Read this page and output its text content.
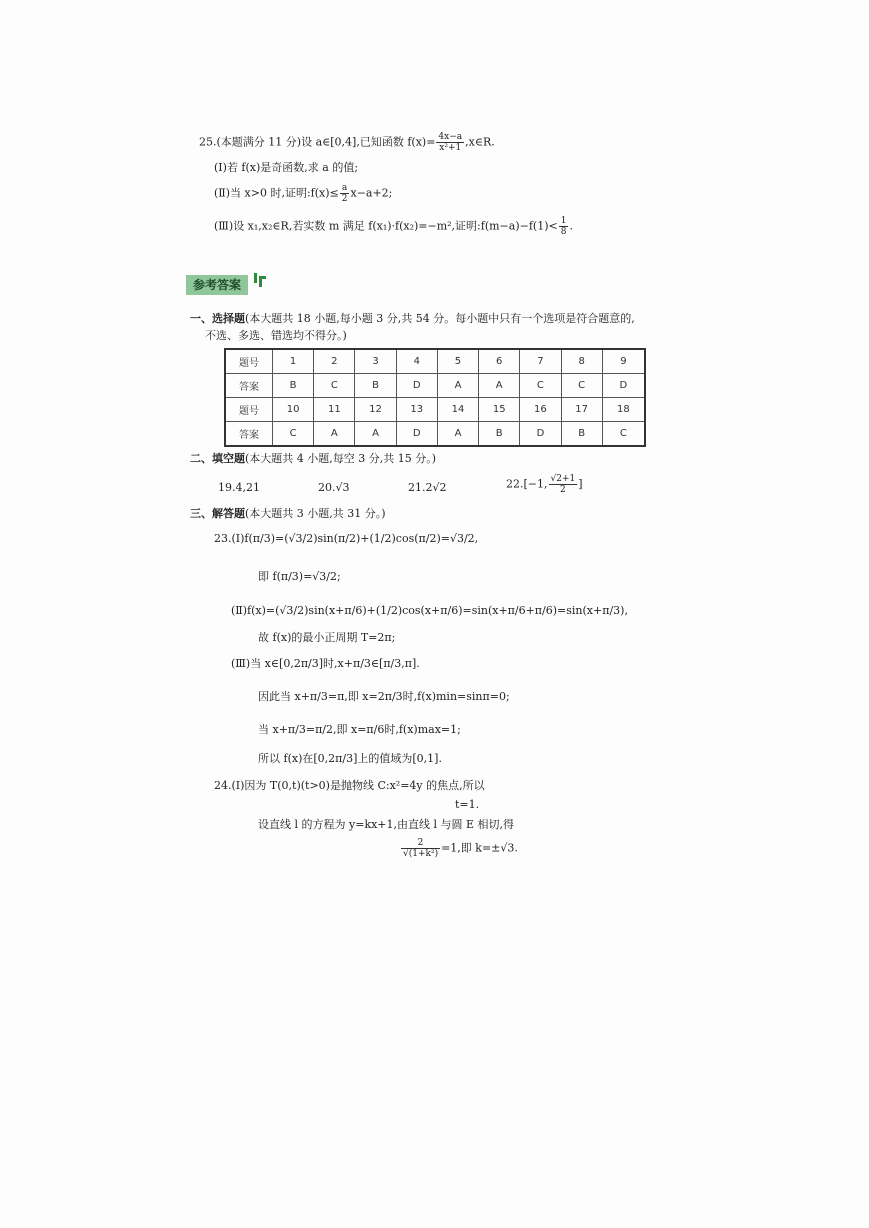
25.(本题满分 11 分)设 a∈[0,4],已知函数 $f(x)= \frac{4x-a}{\text{x²+1}}$ ,x∈R.
(Ⅰ)若 f(x)是奇函数,求 a 的值;
(Ⅱ)当 x>0 时,证明:f(x)≤ $\frac{a}{2} x-a+2$;
(Ⅲ)设 x₁,x₂∈R,若实数 m 满足 f(x₁)·f(x₂)=−m²,证明:f(m−a)−f(1)< $\frac{1}{8}$ .
参考答案
一、选择题(本大题共 18 小题,每小题 3 分,共 54 分。每小题中只有一个选项是符合题意的,
不选、多选、错选均不得分。)
题号	1	2	3	4	5	6	7	8	9
答案	B	C	B	D	A	A	C	C	D
题号	10	11	12	13	14	15	16	17	18
答案	C	A	A	D	A	B	D	B	C
二、填空题(本大题共 4 小题,每空 3 分,共 15 分。)
19.4,21	20.√3	21.2√2	22.[−1, $\frac{√2+1}{2}$ ]
三、解答题(本大题共 3 小题,共 31 分。)
23.(Ⅰ)f(π/3)=(√3/2)sin(π/2)+(1/2)cos(π/2)=√3/2,
即 f(π/3)=√3/2;
(Ⅱ)f(x)=(√3/2)sin(x+π/6)+(1/2)cos(x+π/6)=sin(x+π/6+π/6)=sin(x+π/3),
故 f(x)的最小正周期 T=2π;
(Ⅲ)当 x∈[0,2π/3]时,x+π/3∈[π/3,π].
因此当 x+π/3=π,即 x=2π/3时,f(x)min=sinπ=0;
当 x+π/3=π/2,即 x=π/6时,f(x)max=1;
所以 f(x)在[0,2π/3]上的值域为[0,1].
24.(Ⅰ)因为 T(0,t)(t>0)是抛物线 C:x²=4y 的焦点,所以
t=1.
设直线 l 的方程为 y=kx+1,由直线 l 与圆 E 相切,得
$\frac{2}{\text{√(1+k²)}} =1$,即 k=±√3.
